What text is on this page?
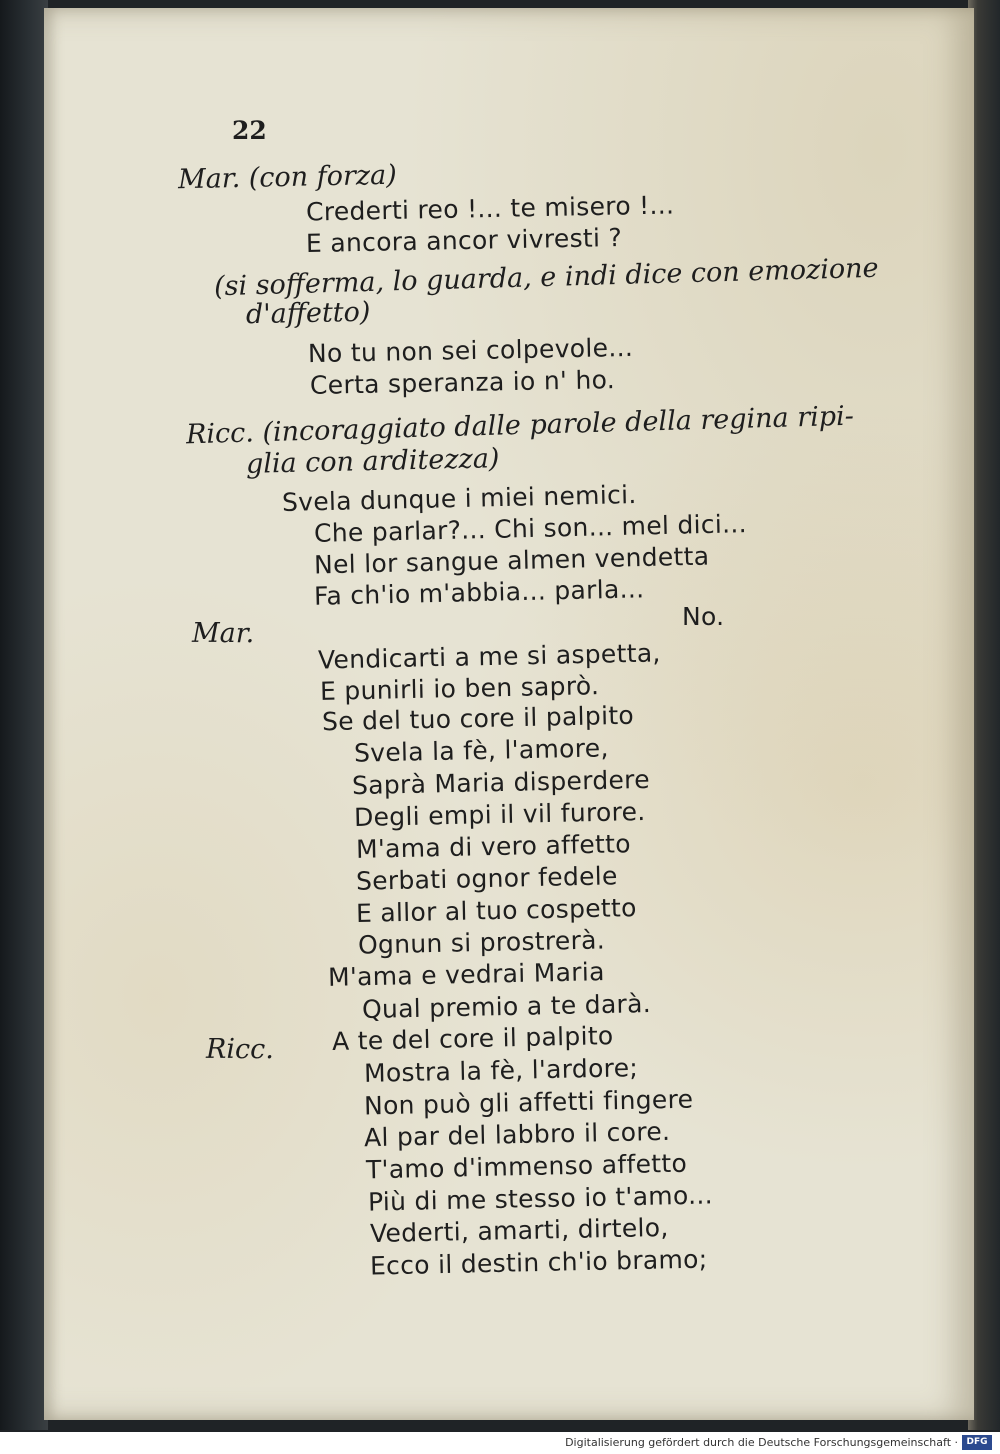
22
Mar. (con forza)
Crederti reo !... te misero !...
E ancora ancor vivresti ?
(si sofferma, lo guarda, e indi dice con emozione
d'affetto)
No tu non sei colpevole...
Certa speranza io n' ho.
Ricc. (incoraggiato dalle parole della regina ripi-
glia con arditezza)
Svela dunque i miei nemici.
Che parlar?... Chi son... mel dici...
Nel lor sangue almen vendetta
Fa ch'io m'abbia... parla...
No.
Mar.
Vendicarti a me si aspetta,
E punirli io ben saprò.
Se del tuo core il palpito
Svela la fè, l'amore,
Saprà Maria disperdere
Degli empi il vil furore.
M'ama di vero affetto
Serbati ognor fedele
E allor al tuo cospetto
Ognun si prostrerà.
M'ama e vedrai Maria
Qual premio a te darà.
Ricc. A te del core il palpito
Mostra la fè, l'ardore;
Non può gli affetti fingere
Al par del labbro il core.
T'amo d'immenso affetto
Più di me stesso io t'amo...
Vederti, amarti, dirtelo,
Ecco il destin ch'io bramo;
Digitalisierung gefördert durch die Deutsche Forschungsgemeinschaft · DFG
